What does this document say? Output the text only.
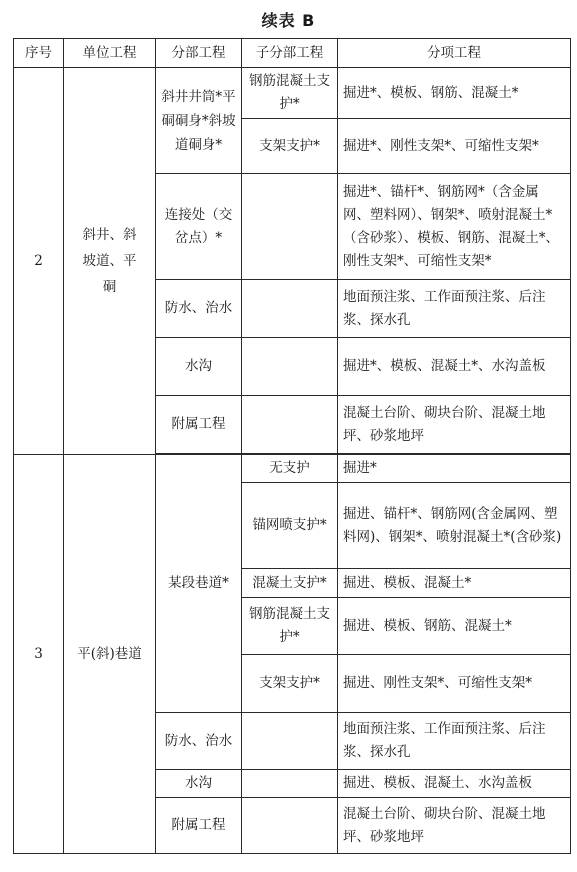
续表 B
序号	单位工程	分部工程	子分部工程	分项工程
2	斜井、斜坡道、平硐	斜井井筒*平硐硐身*斜坡道硐身*	钢筋混凝土支护*	掘进*、模板、钢筋、混凝土*
			支架支护*	掘进*、刚性支架*、可缩性支架*

		连接处（交岔点）*		掘进*、锚杆*、钢筋网*（含金属网、塑料网）、钢架*、喷射混凝土*（含砂浆）、模板、钢筋、混凝土*、刚性支架*、可缩性支架*
		防水、治水		地面预注浆、工作面预注浆、后注浆、探水孔
		水沟		掘进*、模板、混凝土*、水沟盖板
		附属工程		混凝土台阶、砌块台阶、混凝土地坪、砂浆地坪

3	平(斜)巷道	某段巷道*	无支护	掘进*
			锚网喷支护*	掘进、锚杆*、钢筋网(含金属网、塑料网)、钢架*、喷射混凝土*(含砂浆)
			混凝土支护*	掘进、模板、混凝土*

			钢筋混凝土支护*	掘进、模板、钢筋、混凝土*
			支架支护*	掘进、刚性支架*、可缩性支架*
		防水、治水		地面预注浆、工作面预注浆、后注浆、探水孔
		水沟		掘进、模板、混凝土、水沟盖板
		附属工程		混凝土台阶、砌块台阶、混凝土地坪、砂浆地坪
